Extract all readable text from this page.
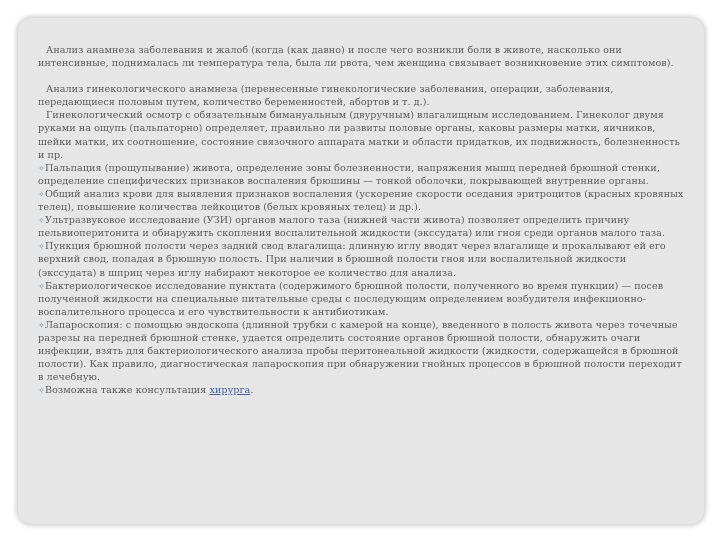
Анализ анамнеза заболевания и жалоб (когда (как давно) и после чего возникли боли в животе, насколько они интенсивные, поднималась ли температура тела, была ли рвота, чем женщина связывает возникновение этих симптомов).

Анализ гинекологического анамнеза (перенесенные гинекологические заболевания, операции, заболевания, передающиеся половым путем, количество беременностей, абортов и т. д.).

Гинекологический осмотр с обязательным бимануальным (двуручным) влагалищным исследованием. Гинеколог двумя руками на ощупь (пальпаторно) определяет, правильно ли развиты половые органы, каковы размеры матки, яичников, шейки матки, их соотношение, состояние связочного аппарата матки и области придатков, их подвижность, болезненность и пр.

✧Пальпация (прощупывание) живота, определение зоны болезненности, напряжения мышц передней брюшной стенки, определение специфических признаков воспаления брюшины — тонкой оболочки, покрывающей внутренние органы.

✧Общий анализ крови для выявления признаков воспаления (ускорение скорости оседания эритроцитов (красных кровяных телец), повышение количества лейкоцитов (белых кровяных телец) и др.).

✧Ультразвуковое исследование (УЗИ) органов малого таза (нижней части живота) позволяет определить причину пельвиоперитонита и обнаружить скопления воспалительной жидкости (экссудата) или гноя среди органов малого таза.

✧Пункция брюшной полости через задний свод влагалища: длинную иглу вводят через влагалище и прокалывают ей его верхний свод, попадая в брюшную полость. При наличии в брюшной полости гноя или воспалительной жидкости (экссудата) в шприц через иглу набирают некоторое ее количество для анализа.

✧Бактериологическое исследование пунктата (содержимого брюшной полости, полученного во время пункции) — посев полученной жидкости на специальные питательные среды с последующим определением возбудителя инфекционно-воспалительного процесса и его чувствительности к антибиотикам.

✧Лапароскопия: с помощью эндоскопа (длинной трубки с камерой на конце), введенного в полость живота через точечные разрезы на передней брюшной стенке, удается определить состояние органов брюшной полости, обнаружить очаги инфекции, взять для бактериологического анализа пробы перитонеальной жидкости (жидкости, содержащейся в брюшной полости). Как правило, диагностическая лапароскопия при обнаружении гнойных процессов в брюшной полости переходит в лечебную.

✧Возможна также консультация хирурга.
